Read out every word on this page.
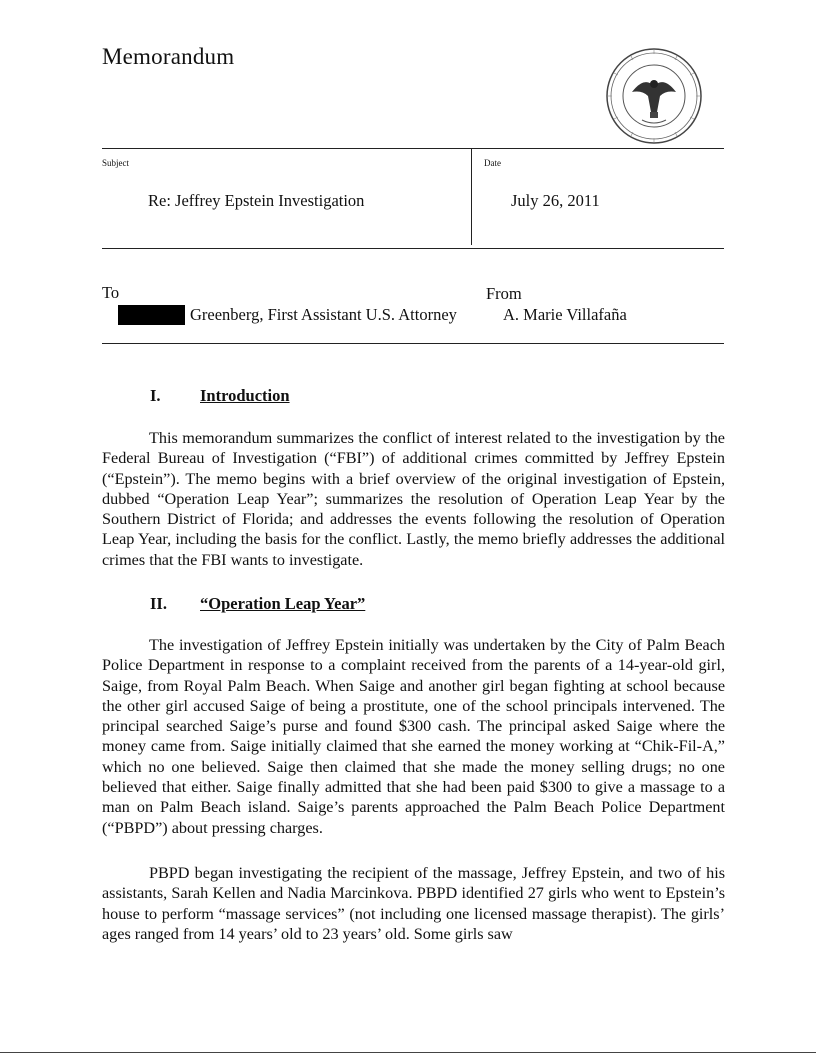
Memorandum
Subject	Date
Re: Jeffrey Epstein Investigation	July 26, 2011
To	From
Greenberg, First Assistant U.S. Attorney	A. Marie Villafaña
I. Introduction

This memorandum summarizes the conflict of interest related to the investigation by the Federal Bureau of Investigation (“FBI”) of additional crimes committed by Jeffrey Epstein (“Epstein”). The memo begins with a brief overview of the original investigation of Epstein, dubbed “Operation Leap Year”; summarizes the resolution of Operation Leap Year by the Southern District of Florida; and addresses the events following the resolution of Operation Leap Year, including the basis for the conflict. Lastly, the memo briefly addresses the additional crimes that the FBI wants to investigate.

II. “Operation Leap Year”

The investigation of Jeffrey Epstein initially was undertaken by the City of Palm Beach Police Department in response to a complaint received from the parents of a 14-year-old girl, Saige, from Royal Palm Beach. When Saige and another girl began fighting at school because the other girl accused Saige of being a prostitute, one of the school principals intervened. The principal searched Saige’s purse and found $300 cash. The principal asked Saige where the money came from. Saige initially claimed that she earned the money working at “Chik-Fil-A,” which no one believed. Saige then claimed that she made the money selling drugs; no one believed that either. Saige finally admitted that she had been paid $300 to give a massage to a man on Palm Beach island. Saige’s parents approached the Palm Beach Police Department (“PBPD”) about pressing charges.

PBPD began investigating the recipient of the massage, Jeffrey Epstein, and two of his assistants, Sarah Kellen and Nadia Marcinkova. PBPD identified 27 girls who went to Epstein’s house to perform “massage services” (not including one licensed massage therapist). The girls’ ages ranged from 14 years’ old to 23 years’ old. Some girls saw
